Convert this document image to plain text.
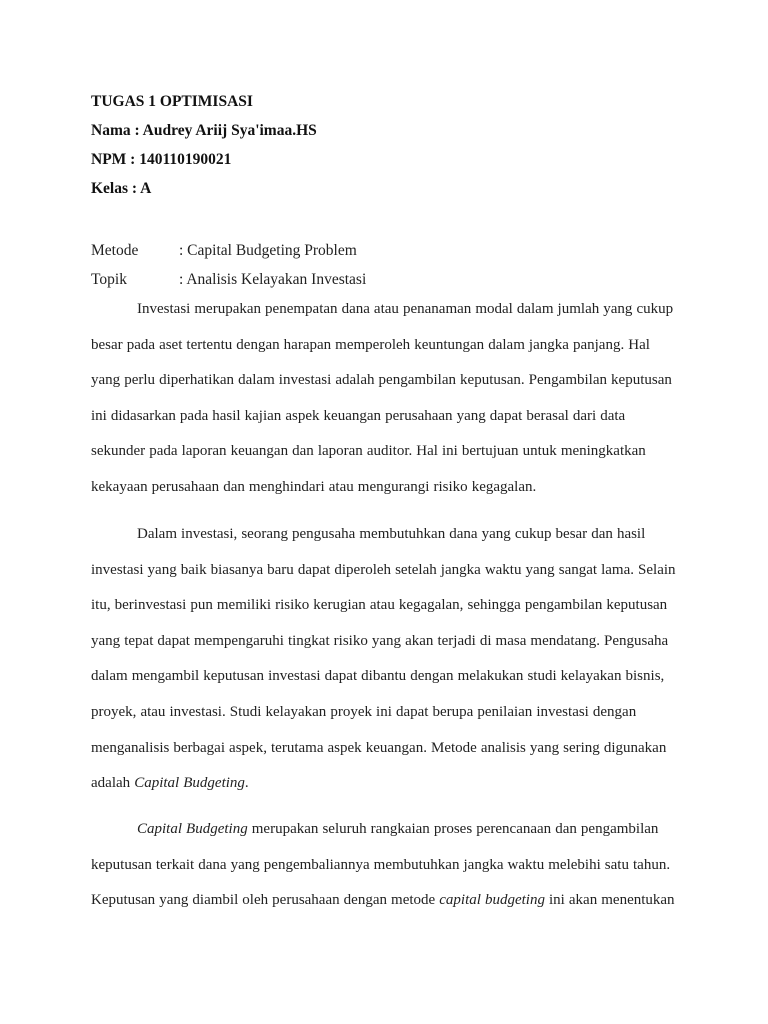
TUGAS 1 OPTIMISASI
Nama : Audrey Ariij Sya'imaa.HS
NPM : 140110190021
Kelas : A
Metode	: Capital Budgeting Problem
Topik	: Analisis Kelayakan Investasi
Investasi merupakan penempatan dana atau penanaman modal dalam jumlah yang cukup
besar pada aset tertentu dengan harapan memperoleh keuntungan dalam jangka panjang. Hal
yang perlu diperhatikan dalam investasi adalah pengambilan keputusan. Pengambilan keputusan
ini didasarkan pada hasil kajian aspek keuangan perusahaan yang dapat berasal dari data
sekunder pada laporan keuangan dan laporan auditor. Hal ini bertujuan untuk meningkatkan
kekayaan perusahaan dan menghindari atau mengurangi risiko kegagalan.
Dalam investasi, seorang pengusaha membutuhkan dana yang cukup besar dan hasil
investasi yang baik biasanya baru dapat diperoleh setelah jangka waktu yang sangat lama. Selain
itu, berinvestasi pun memiliki risiko kerugian atau kegagalan, sehingga pengambilan keputusan
yang tepat dapat mempengaruhi tingkat risiko yang akan terjadi di masa mendatang. Pengusaha
dalam mengambil keputusan investasi dapat dibantu dengan melakukan studi kelayakan bisnis,
proyek, atau investasi. Studi kelayakan proyek ini dapat berupa penilaian investasi dengan
menganalisis berbagai aspek, terutama aspek keuangan. Metode analisis yang sering digunakan
adalah Capital Budgeting.
Capital Budgeting merupakan seluruh rangkaian proses perencanaan dan pengambilan
keputusan terkait dana yang pengembaliannya membutuhkan jangka waktu melebihi satu tahun.
Keputusan yang diambil oleh perusahaan dengan metode capital budgeting ini akan menentukan
